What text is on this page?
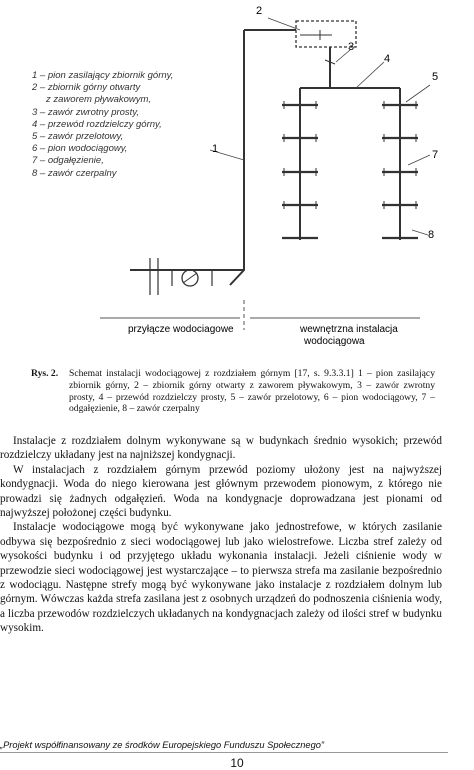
2
3
4
5
7
1
8
przyłącze wodociagowe	wewnętrzna instalacja
wodociągowa
1 – pion zasilający zbiornik górny,
2 – zbiornik górny otwarty
z zaworem pływakowym,
3 – zawór zwrotny prosty,
4 – przewód rozdzielczy górny,
5 – zawór przelotowy,
6 – pion wodociągowy,
7 – odgałęzienie,
8 – zawór czerpalny
Rys. 2. Schemat instalacji wodociągowej z rozdziałem górnym [17, s. 9.3.3.1] 1 – pion zasilający zbiornik górny, 2 – zbiornik górny otwarty z zaworem pływakowym, 3 – zawór zwrotny prosty, 4 – przewód rozdzielczy prosty, 5 – zawór przelotowy, 6 – pion wodociągowy, 7 – odgałęzienie, 8 – zawór czerpalny

Instalacje z rozdziałem dolnym wykonywane są w budynkach średnio wysokich; przewód rozdzielczy układany jest na najniższej kondygnacji.

W instalacjach z rozdziałem górnym przewód poziomy ułożony jest na najwyższej kondygnacji. Woda do niego kierowana jest głównym przewodem pionowym, z którego nie prowadzi się żadnych odgałęzień. Woda na kondygnacje doprowadzana jest pionami od najwyższej położonej części budynku.

Instalacje wodociągowe mogą być wykonywane jako jednostrefowe, w których zasilanie odbywa się bezpośrednio z sieci wodociągowej lub jako wielostrefowe. Liczba stref zależy od wysokości budynku i od przyjętego układu wykonania instalacji. Jeżeli ciśnienie wody w przewodzie sieci wodociągowej jest wystarczające – to pierwsza strefa ma zasilanie bezpośrednio z wodociągu. Następne strefy mogą być wykonywane jako instalacje z rozdziałem dolnym lub górnym. Wówczas każda strefa zasilana jest z osobnych urządzeń do podnoszenia ciśnienia wody, a liczba przewodów rozdzielczych układanych na kondygnacjach zależy od ilości stref w budynku wysokim.

„Projekt współfinansowany ze środków Europejskiego Funduszu Społecznego”
10
